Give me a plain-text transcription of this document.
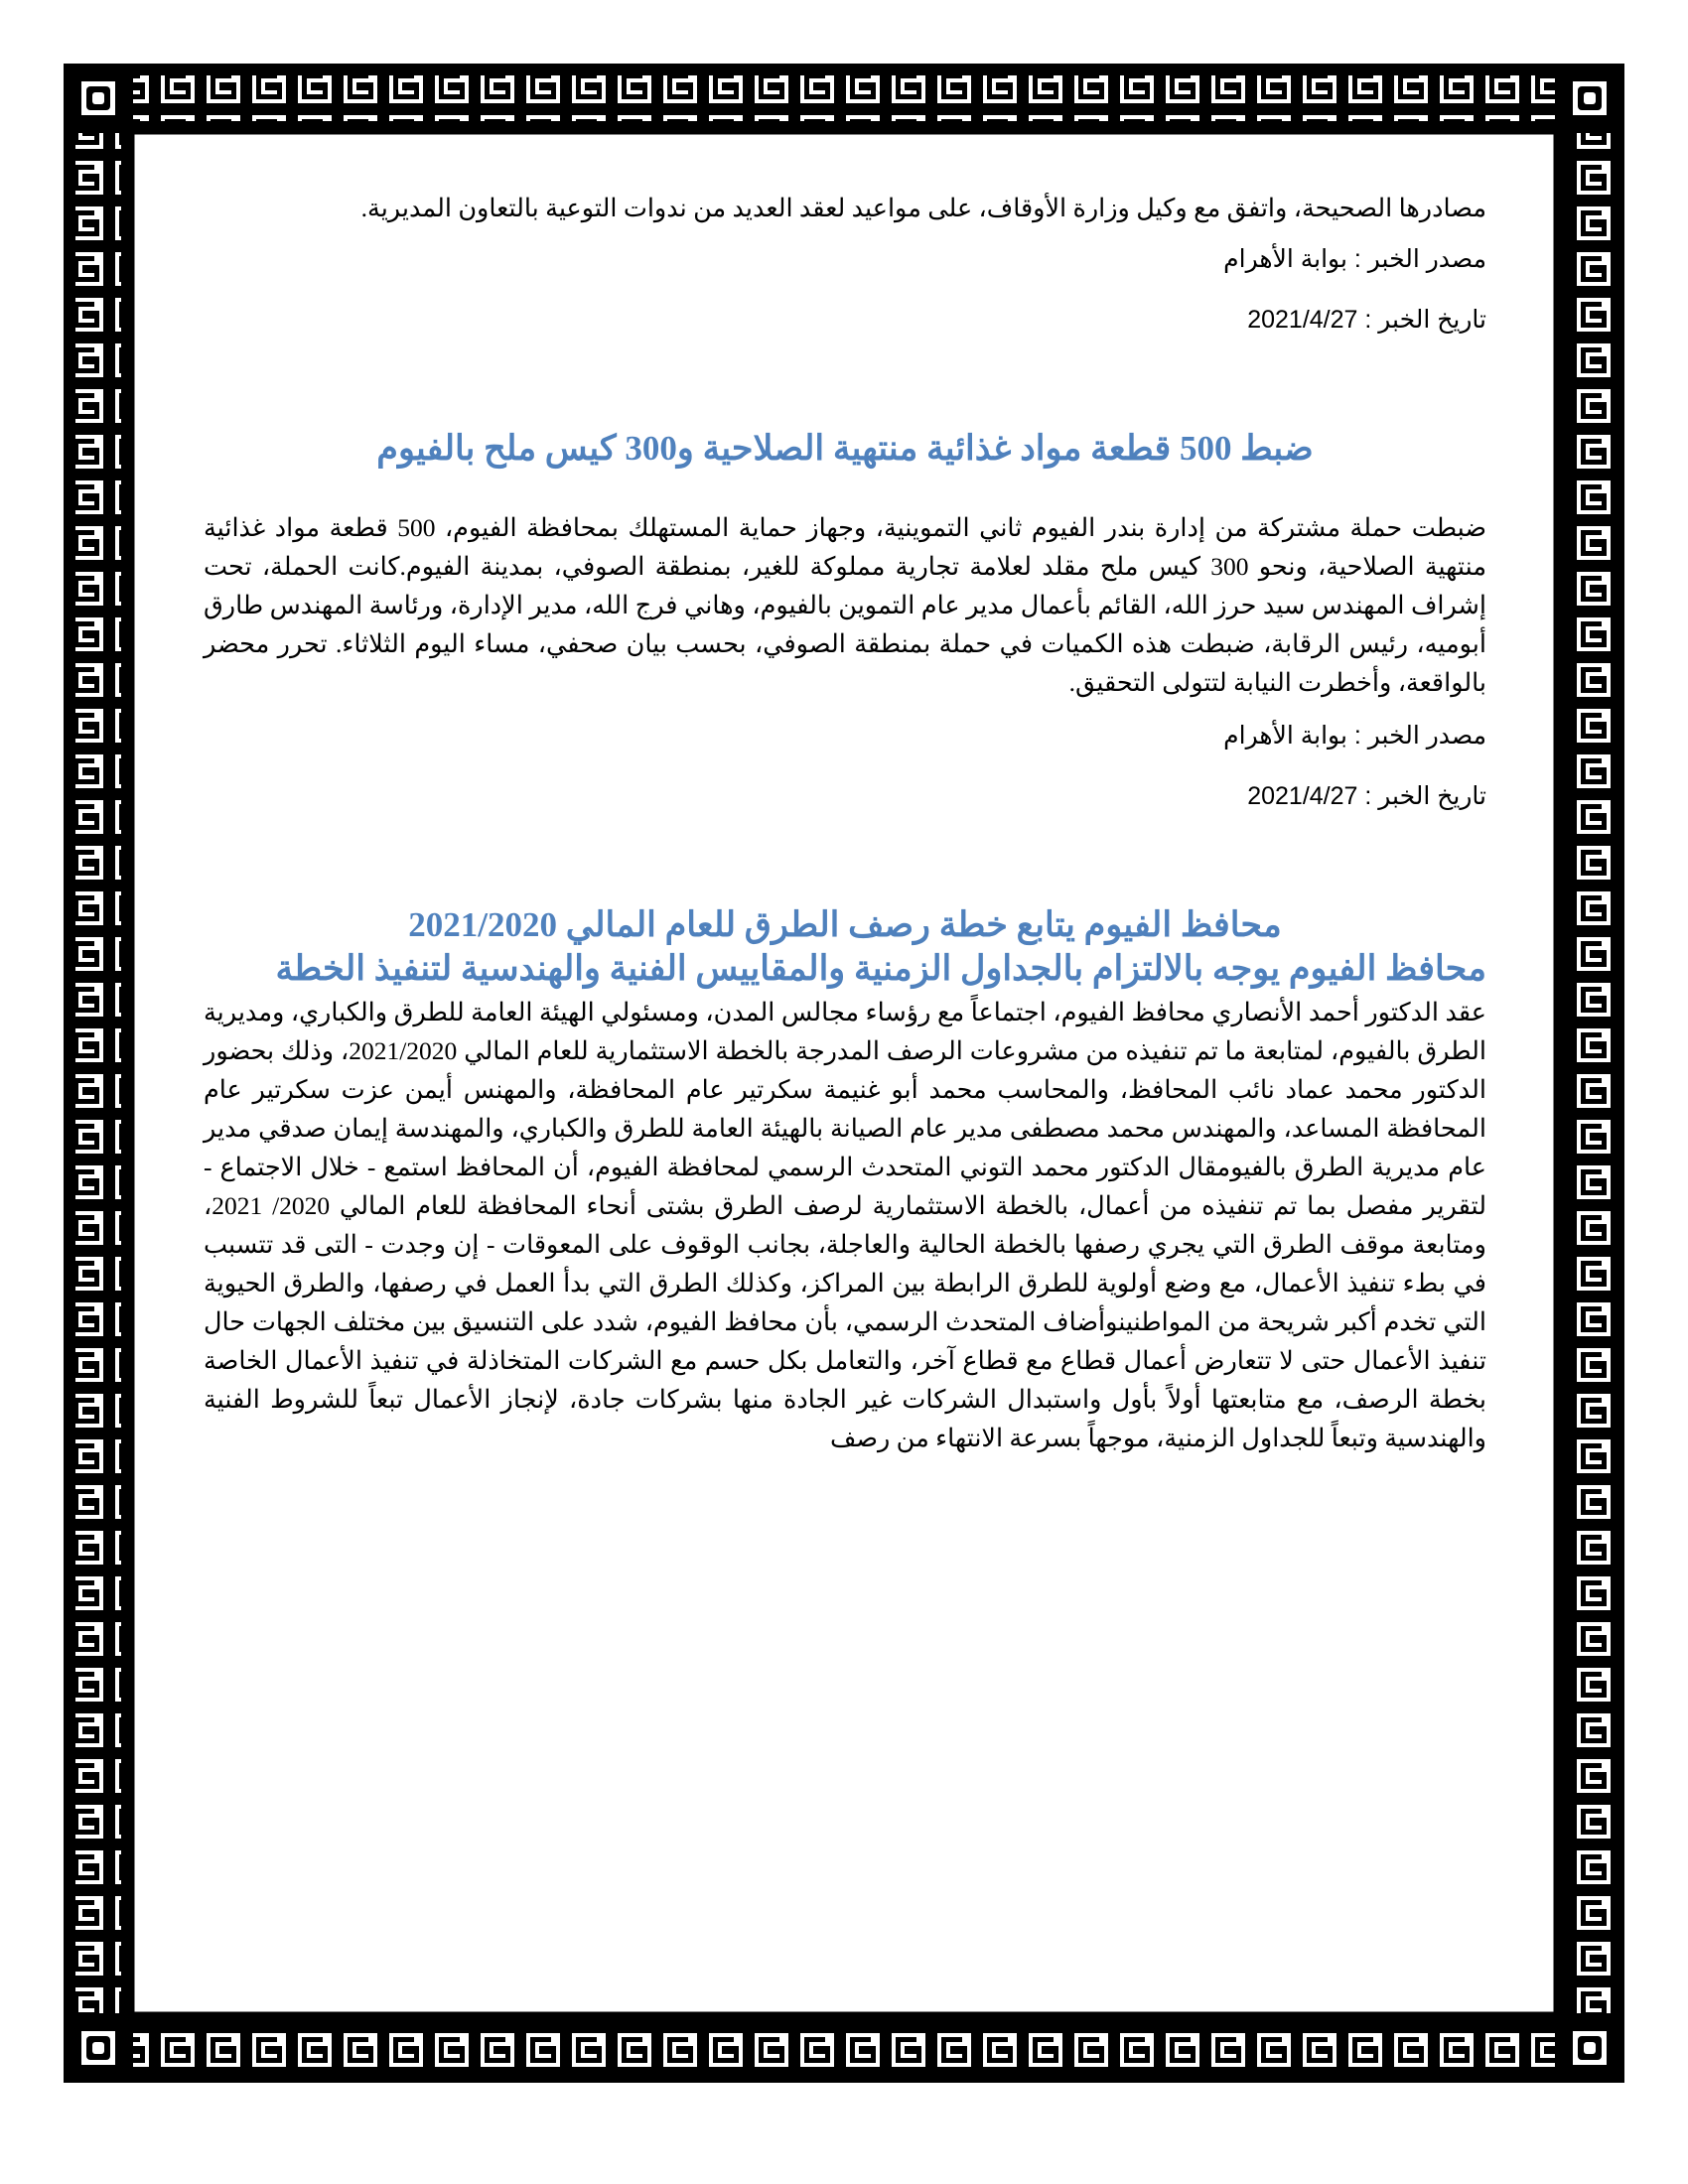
مصادرها الصحيحة، واتفق مع وكيل وزارة الأوقاف، على مواعيد لعقد العديد من ندوات التوعية بالتعاون المديرية.

مصدر الخبر : بوابة الأهرام

تاريخ الخبر : 2021/4/27

ضبط 500 قطعة مواد غذائية منتهية الصلاحية و300 كيس ملح بالفيوم

ضبطت حملة مشتركة من إدارة بندر الفيوم ثاني التموينية، وجهاز حماية المستهلك بمحافظة الفيوم، 500 قطعة مواد غذائية منتهية الصلاحية، ونحو 300 كيس ملح مقلد لعلامة تجارية مملوكة للغير، بمنطقة الصوفي، بمدينة الفيوم.كانت الحملة، تحت إشراف المهندس سيد حرز الله، القائم بأعمال مدير عام التموين بالفيوم، وهاني فرج الله، مدير الإدارة، ورئاسة المهندس طارق أبوميه، رئيس الرقابة، ضبطت هذه الكميات في حملة بمنطقة الصوفي، بحسب بيان صحفي، مساء اليوم الثلاثاء. تحرر محضر بالواقعة، وأخطرت النيابة لتتولى التحقيق.

مصدر الخبر : بوابة الأهرام

تاريخ الخبر : 2021/4/27

محافظ الفيوم يتابع خطة رصف الطرق للعام المالي 2021/2020
محافظ الفيوم يوجه بالالتزام بالجداول الزمنية والمقاييس الفنية والهندسية لتنفيذ الخطة

عقد الدكتور أحمد الأنصاري محافظ الفيوم، اجتماعاً مع رؤساء مجالس المدن، ومسئولي الهيئة العامة للطرق والكباري، ومديرية الطرق بالفيوم، لمتابعة ما تم تنفيذه من مشروعات الرصف المدرجة بالخطة الاستثمارية للعام المالي 2021/2020، وذلك بحضور الدكتور محمد عماد نائب المحافظ، والمحاسب محمد أبو غنيمة سكرتير عام المحافظة، والمهنس أيمن عزت سكرتير عام المحافظة المساعد، والمهندس محمد مصطفى مدير عام الصيانة بالهيئة العامة للطرق والكباري، والمهندسة إيمان صدقي مدير عام مديرية الطرق بالفيومقال الدكتور محمد التوني المتحدث الرسمي لمحافظة الفيوم، أن المحافظ استمع - خلال الاجتماع - لتقرير مفصل بما تم تنفيذه من أعمال، بالخطة الاستثمارية لرصف الطرق بشتى أنحاء المحافظة للعام المالي 2020/ 2021، ومتابعة موقف الطرق التي يجري رصفها بالخطة الحالية والعاجلة، بجانب الوقوف على المعوقات - إن وجدت - التى قد تتسبب في بطء تنفيذ الأعمال، مع وضع أولوية للطرق الرابطة بين المراكز، وكذلك الطرق التي بدأ العمل في رصفها، والطرق الحيوية التي تخدم أكبر شريحة من المواطنينوأضاف المتحدث الرسمي، بأن محافظ الفيوم، شدد على التنسيق بين مختلف الجهات حال تنفيذ الأعمال حتى لا تتعارض أعمال قطاع مع قطاع آخر، والتعامل بكل حسم مع الشركات المتخاذلة في تنفيذ الأعمال الخاصة بخطة الرصف، مع متابعتها أولاً بأول واستبدال الشركات غير الجادة منها بشركات جادة، لإنجاز الأعمال تبعاً للشروط الفنية والهندسية وتبعاً للجداول الزمنية، موجهاً بسرعة الانتهاء من رصف
